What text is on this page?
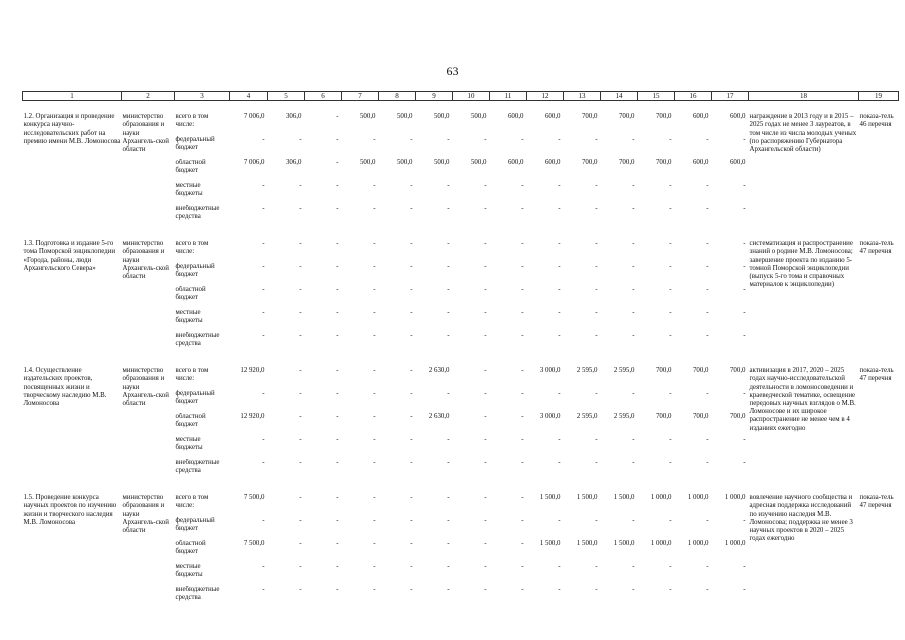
63
1	2	3	4	5	6	7	8	9	10	11	12	13	14	15	16	17	18	19

1.2. Организация и проведение конкурса научно-исследовательских работ на премию имени М.В. Ломоносова	министерство образования и науки Архангель-ской области	всего в том числе:	7 006,0	306,0	-	500,0	500,0	500,0	500,0	600,0	600,0	700,0	700,0	700,0	600,0	600,0	награждение в 2013 году и в 2015 – 2025 годах не менее 3 лауреатов, в том числе из числа молодых ученых (по распоряжению Губернатора Архангельской области)	показа-тель 46 перечня
		федеральный бюджет	-	-	-	-	-	-	-	-	-	-	-	-	-	-		
		областной бюджет	7 006,0	306,0	-	500,0	500,0	500,0	500,0	600,0	600,0	700,0	700,0	700,0	600,0	600,0		
		местные бюджеты	-	-	-	-	-	-	-	-	-	-	-	-	-	-		
		внебюджетные средства	-	-	-	-	-	-	-	-	-	-	-	-	-	-		

1.3. Подготовка и издание 5-го тома Поморской энциклопедии «Города, районы, люди Архангельского Севера»	министерство образования и науки Архангель-ской области	всего в том числе:	-	-	-	-	-	-	-	-	-	-	-	-	-	-	систематизация и распространение знаний о родине М.В. Ломоносова; завершение проекта по изданию 5-томной Поморской энциклопедии (выпуск 5-го тома и справочных материалов к энциклопедии)	показа-тель 47 перечня
		федеральный бюджет	-	-	-	-	-	-	-	-	-	-	-	-	-	-		
		областной бюджет	-	-	-	-	-	-	-	-	-	-	-	-	-	-		
		местные бюджеты	-	-	-	-	-	-	-	-	-	-	-	-	-	-		
		внебюджетные средства	-	-	-	-	-	-	-	-	-	-	-	-	-	-		

1.4. Осуществление издательских проектов, посвященных жизни и творческому наследию М.В. Ломоносова	министерство образования и науки Архангель-ской области	всего в том числе:	12 920,0	-	-	-	-	2 630,0	-	-	3 000,0	2 595,0	2 595,0	700,0	700,0	700,0	активизация в 2017, 2020 – 2025 годах научно-исследовательской деятельности в ломоносоведении и краеведческой тематике, освещение передовых научных взглядов о М.В. Ломоносове и их широкое распространение не менее чем в 4 изданиях ежегодно	показа-тель 47 перечня
		федеральный бюджет	-	-	-	-	-	-	-	-	-	-	-	-	-	-		
		областной бюджет	12 920,0	-	-	-	-	2 630,0	-	-	3 000,0	2 595,0	2 595,0	700,0	700,0	700,0		
		местные бюджеты	-	-	-	-	-	-	-	-	-	-	-	-	-	-		
		внебюджетные средства	-	-	-	-	-	-	-	-	-	-	-	-	-	-		

1.5. Проведение конкурса научных проектов по изучению жизни и творческого наследия М.В. Ломоносова	министерство образования и науки Архангель-ской области	всего в том числе:	7 500,0	-	-	-	-	-	-	-	1 500,0	1 500,0	1 500,0	1 000,0	1 000,0	1 000,0	вовлечение научного сообщества и адресная поддержка исследований по изучению наследия М.В. Ломоносова; поддержка не менее 3 научных проектов в 2020 – 2025 годах ежегодно	показа-тель 47 перечня
		федеральный бюджет	-	-	-	-	-	-	-	-	-	-	-	-	-	-		
		областной бюджет	7 500,0	-	-	-	-	-	-	-	1 500,0	1 500,0	1 500,0	1 000,0	1 000,0	1 000,0		
		местные бюджеты	-	-	-	-	-	-	-	-	-	-	-	-	-	-		
		внебюджетные средства	-	-	-	-	-	-	-	-	-	-	-	-	-	-		
